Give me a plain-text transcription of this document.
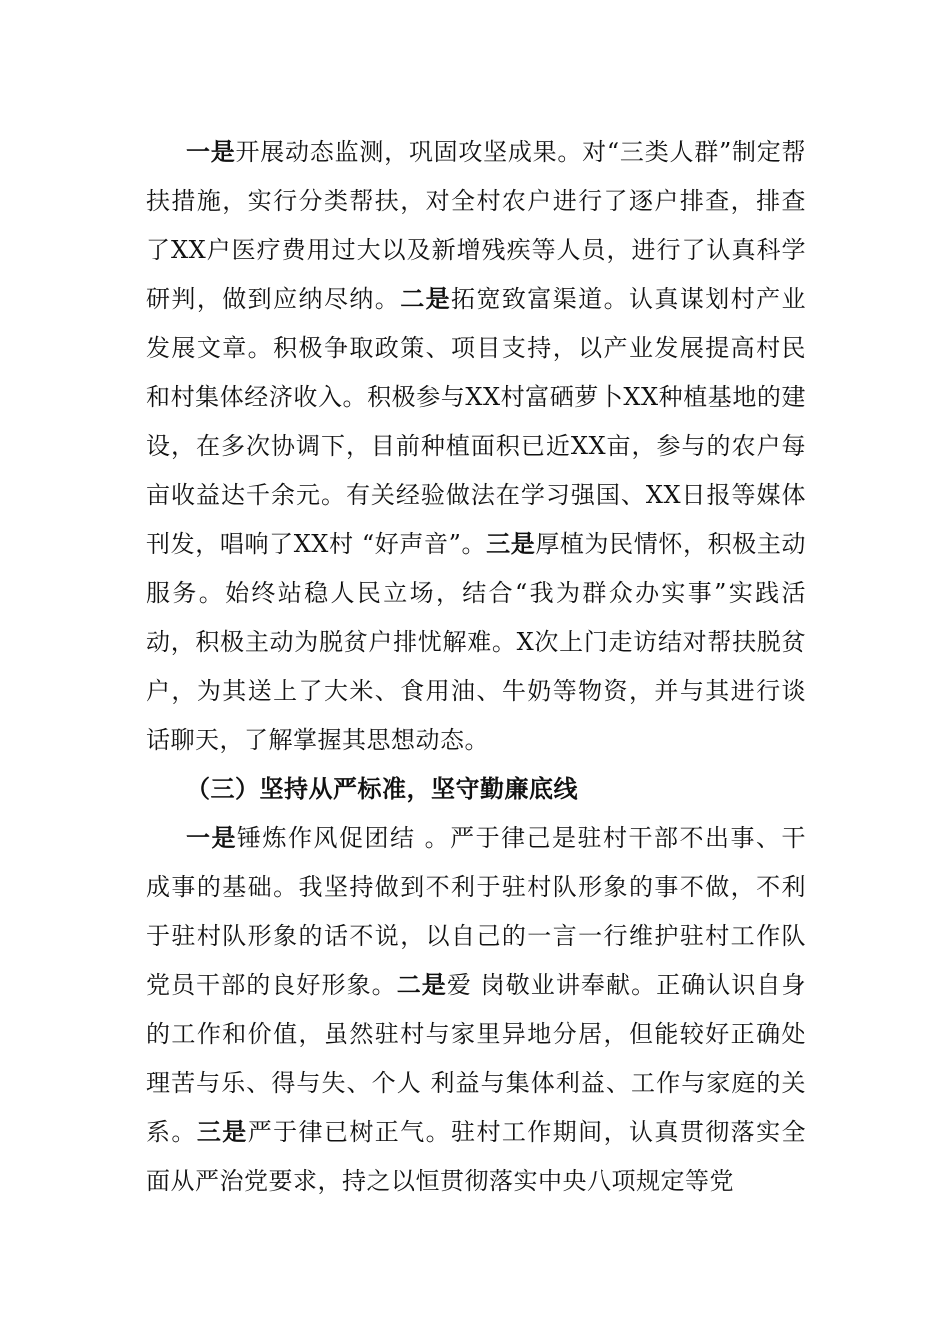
一是开展动态监测，巩固攻坚成果。对“三类人群”制定帮扶措施，实行分类帮扶，对全村农户进行了逐户排查，排查了XX户医疗费用过大以及新增残疾等人员，进行了认真科学研判，做到应纳尽纳。二是拓宽致富渠道。认真谋划村产业发展文章。积极争取政策、项目支持，以产业发展提高村民和村集体经济收入。积极参与XX村富硒萝卜XX种植基地的建设，在多次协调下，目前种植面积已近XX亩，参与的农户每亩收益达千余元。有关经验做法在学习强国、XX日报等媒体刊发，唱响了XX村 “好声音”。三是厚植为民情怀，积极主动服务。始终站稳人民立场，结合“我为群众办实事”实践活动，积极主动为脱贫户排忧解难。X次上门走访结对帮扶脱贫户，为其送上了大米、食用油、牛奶等物资，并与其进行谈话聊天，了解掌握其思想动态。

（三）坚持从严标准，坚守勤廉底线

一是锤炼作风促团结 。严于律己是驻村干部不出事、干成事的基础。我坚持做到不利于驻村队形象的事不做，不利于驻村队形象的话不说，以自己的一言一行维护驻村工作队党员干部的良好形象。二是爱 岗敬业讲奉献。正确认识自身的工作和价值，虽然驻村与家里异地分居，但能较好正确处理苦与乐、得与失、个人 利益与集体利益、工作与家庭的关系。三是严于律已树正气。驻村工作期间，认真贯彻落实全面从严治党要求，持之以恒贯彻落实中央八项规定等党
